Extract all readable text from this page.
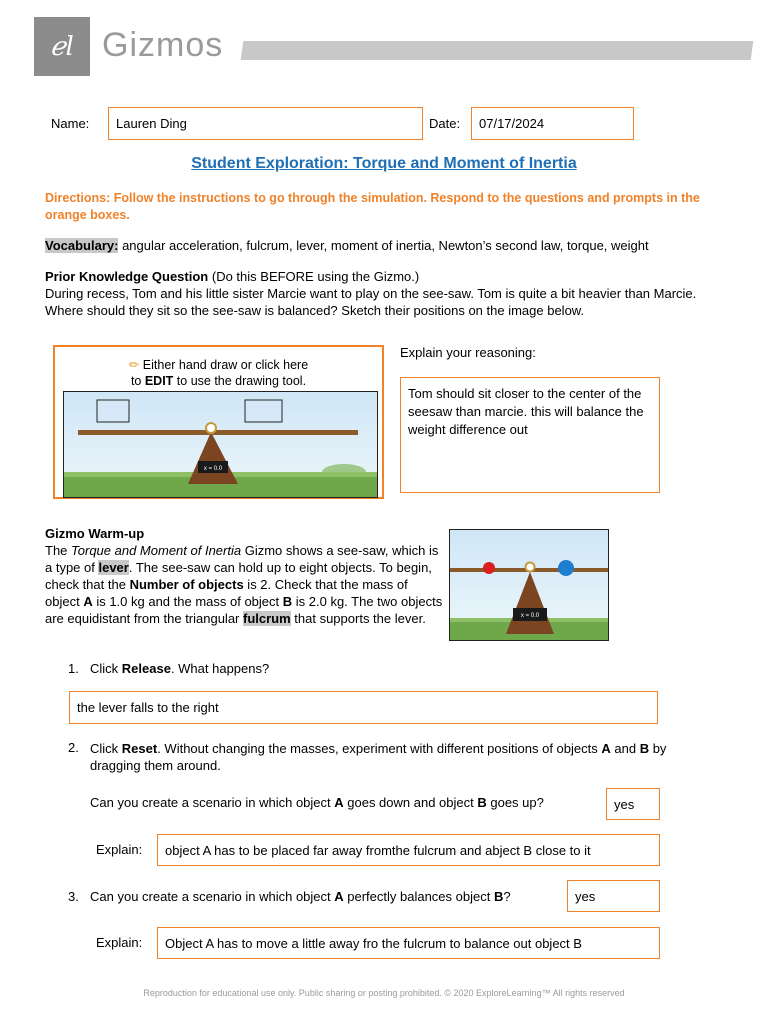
ℯl Gizmos
Name:	Lauren Ding	Date:	07/17/2024
Student Exploration: Torque and Moment of Inertia
Directions: Follow the instructions to go through the simulation. Respond to the questions and prompts in the orange boxes.
Vocabulary: angular acceleration, fulcrum, lever, moment of inertia, Newton’s second law, torque, weight
Prior Knowledge Question (Do this BEFORE using the Gizmo.)
During recess, Tom and his little sister Marcie want to play on the see-saw. Tom is quite a bit heavier than Marcie. Where should they sit so the see-saw is balanced? Sketch their positions on the image below.
✏ Either hand draw or click here
to EDIT to use the drawing tool.
x = 0.0
Explain your reasoning:
Tom should sit closer to the center of the seesaw than marcie. this will balance the weight difference out
Gizmo Warm-up
The Torque and Moment of Inertia Gizmo shows a see-saw, which is a type of lever. The see-saw can hold up to eight objects. To begin, check that the Number of objects is 2. Check that the mass of object A is 1.0 kg and the mass of object B is 2.0 kg. The two objects are equidistant from the triangular fulcrum that supports the lever.	x = 0.0
1. Click Release. What happens?
the lever falls to the right
2. Click Reset. Without changing the masses, experiment with different positions of objects A and B by dragging them around.
Can you create a scenario in which object A goes down and object B goes up?	yes
Explain:	object A has to be placed far away fromthe fulcrum and abject B close to it
3. Can you create a scenario in which object A perfectly balances object B?	yes
Explain:	Object A has to move a little away fro the fulcrum to balance out object B
Reproduction for educational use only. Public sharing or posting prohibited. © 2020 ExploreLearning™ All rights reserved
